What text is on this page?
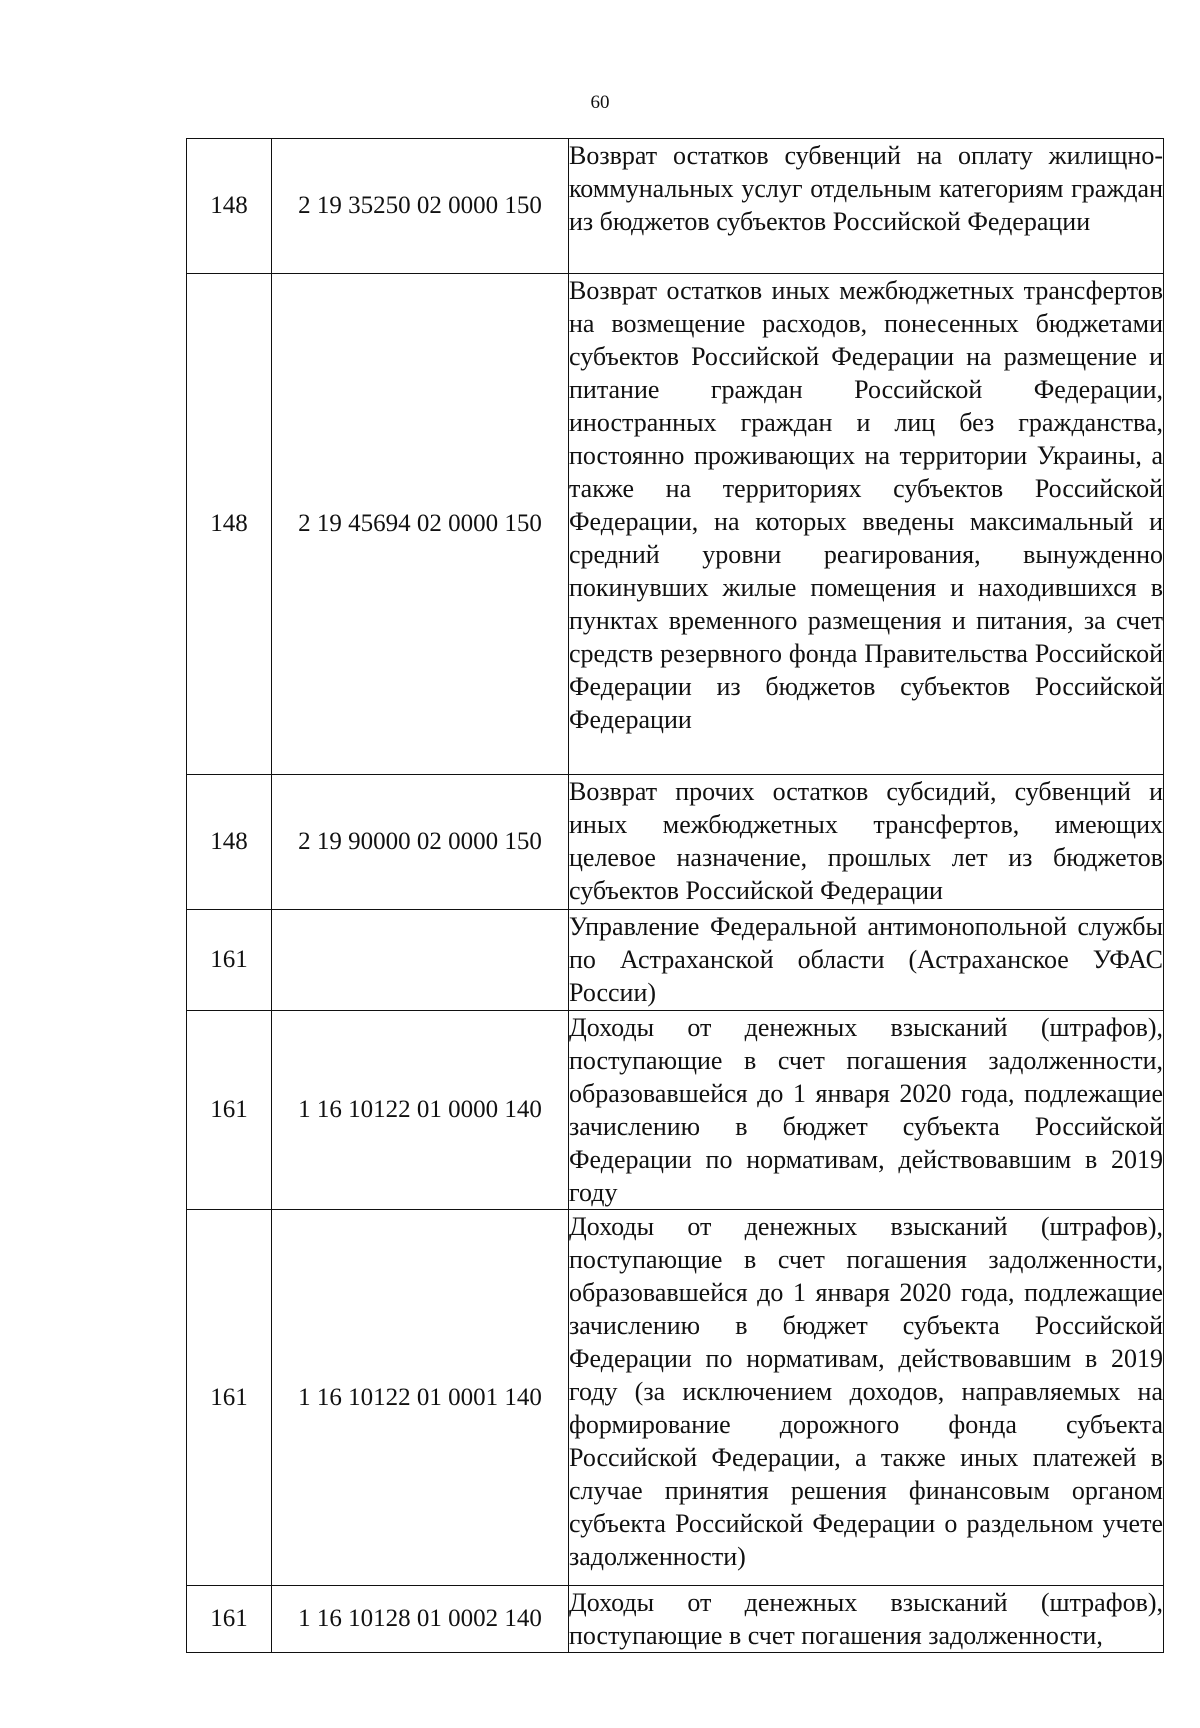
60
148	2 19 35250 02 0000 150	Возврат остатков субвенций на оплату жилищно-коммунальных услуг отдельным категориям граждан из бюджетов субъектов Российской Федерации

148	2 19 45694 02 0000 150	Возврат остатков иных межбюджетных трансфертов на возмещение расходов, понесенных бюджетами субъектов Российской Федерации на размещение и питание граждан Российской Федерации, иностранных граждан и лиц без гражданства, постоянно проживающих на территории Украины, а также на территориях субъектов Российской Федерации, на которых введены максимальный и средний уровни реагирования, вынужденно покинувших жилые помещения и находившихся в пунктах временного размещения и питания, за счет средств резервного фонда Правительства Российской Федерации из бюджетов субъектов Российской Федерации

148	2 19 90000 02 0000 150	Возврат прочих остатков субсидий, субвенций и иных межбюджетных трансфертов, имеющих целевое назначение, прошлых лет из бюджетов субъектов Российской Федерации

161		Управление Федеральной антимонопольной службы по Астраханской области (Астраханское УФАС России)

161	1 16 10122 01 0000 140	Доходы от денежных взысканий (штрафов), поступающие в счет погашения задолженности, образовавшейся до 1 января 2020 года, подлежащие зачислению в бюджет субъекта Российской Федерации по нормативам, действовавшим в 2019 году

161	1 16 10122 01 0001 140	Доходы от денежных взысканий (штрафов), поступающие в счет погашения задолженности, образовавшейся до 1 января 2020 года, подлежащие зачислению в бюджет субъекта Российской Федерации по нормативам, действовавшим в 2019 году (за исключением доходов, направляемых на формирование дорожного фонда субъекта Российской Федерации, а также иных платежей в случае принятия решения финансовым органом субъекта Российской Федерации о раздельном учете задолженности)

161	1 16 10128 01 0002 140	Доходы от денежных взысканий (штрафов), поступающие в счет погашения задолженности,
